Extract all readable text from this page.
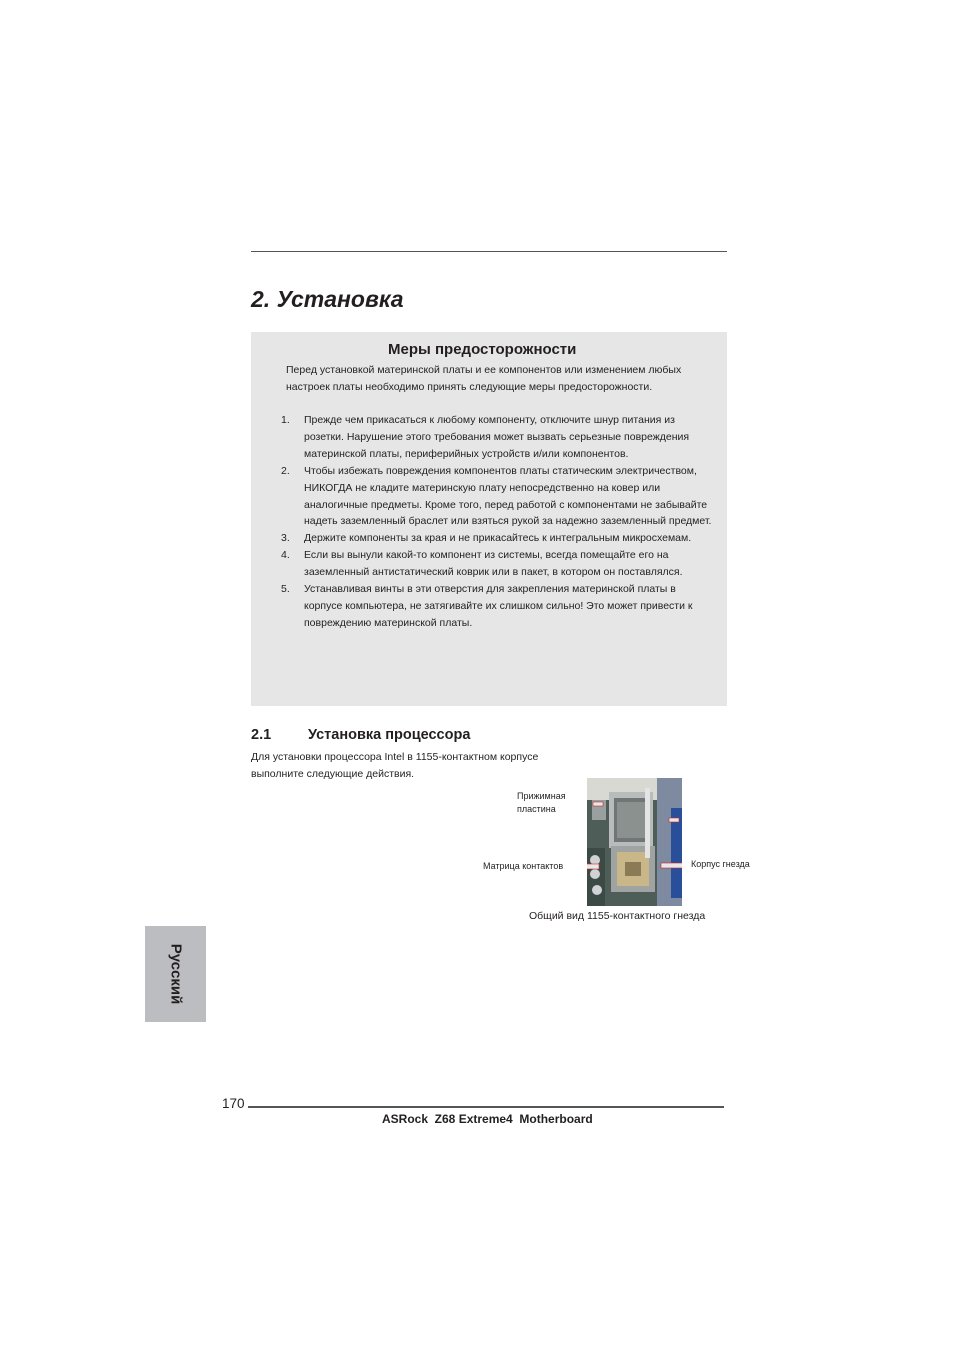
2. Установка
Меры предосторожности
Перед установкой материнской платы и ее компонентов или изменением любых настроек платы необходимо принять следующие меры предосторожности.
1. Прежде чем прикасаться к любому компоненту, отключите шнур питания из розетки. Нарушение этого требования может вызвать серьезные повреждения материнской платы, периферийных устройств и/или компонентов.
2. Чтобы избежать повреждения компонентов платы статическим электричеством, НИКОГДА не кладите материнскую плату непосредственно на ковер или аналогичные предметы. Кроме того, перед работой с компонентами не забывайте надеть заземленный браслет или взяться рукой за надежно заземленный предмет.
3. Держите компоненты за края и не прикасайтесь к интегральным микросхемам.
4. Если вы вынули какой-то компонент из системы, всегда помещайте его на заземленный антистатический коврик или в пакет, в котором он поставлялся.
5. Устанавливая винты в эти отверстия для закрепления материнской платы в корпусе компьютера, не затягивайте их слишком сильно! Это может привести к повреждению материнской платы.
2.1	Установка процессора
Для установки процессора Intel в 1155-контактном корпусе выполните следующие действия.
Прижимная
пластина
Матрица контактов	Корпус гнезда
Общий вид 1155-контактного гнезда
Русский
170
ASRock  Z68 Extreme4  Motherboard
